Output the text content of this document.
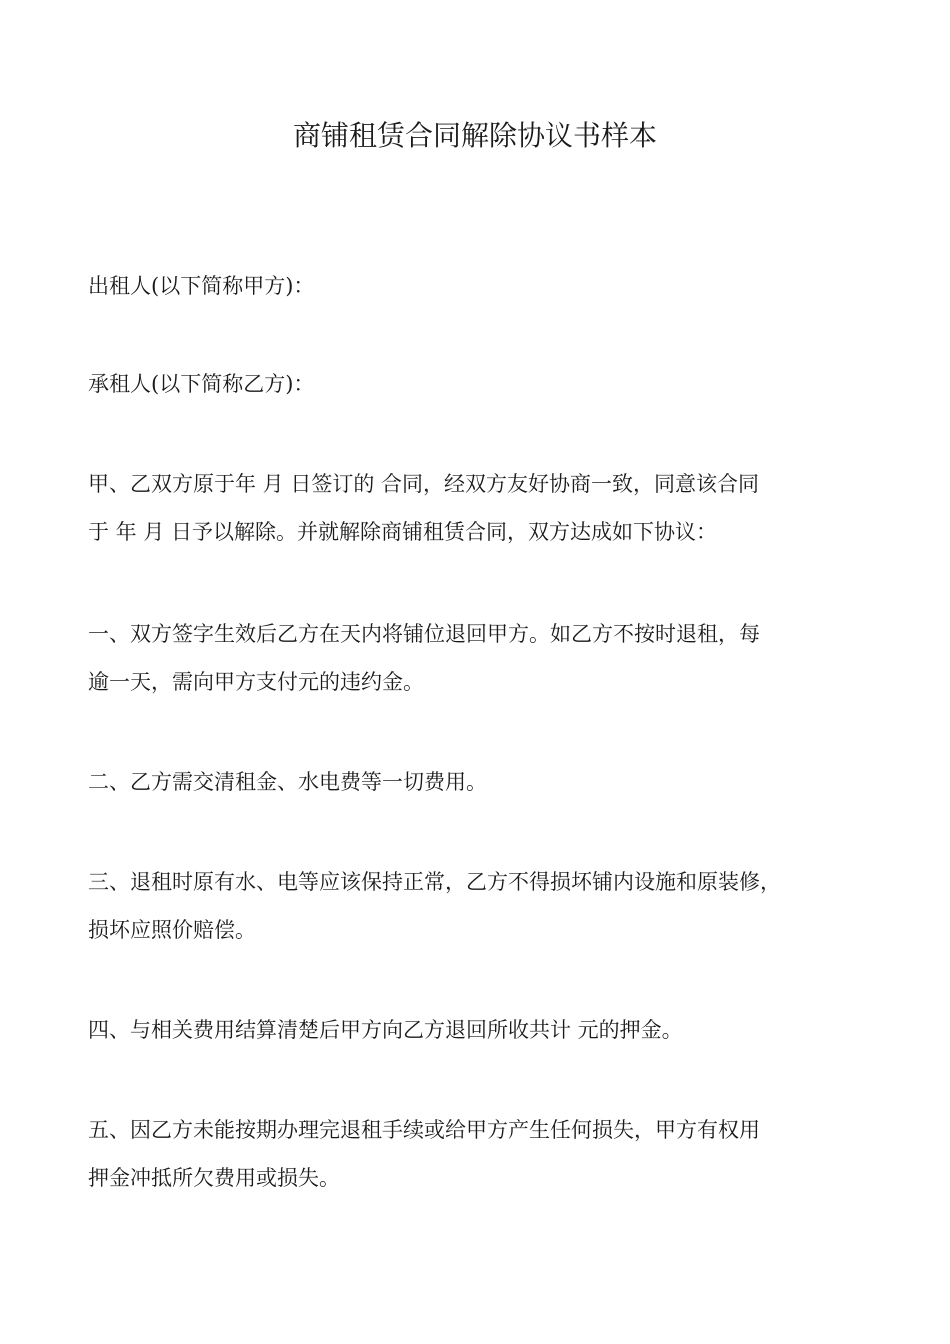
商铺租赁合同解除协议书样本

出租人(以下简称甲方)：

承租人(以下简称乙方)：

甲、乙双方原于年 月 日签订的 合同，经双方友好协商一致，同意该合同
于 年 月 日予以解除。并就解除商铺租赁合同，双方达成如下协议：

一、双方签字生效后乙方在天内将铺位退回甲方。如乙方不按时退租，每
逾一天，需向甲方支付元的违约金。

二、乙方需交清租金、水电费等一切费用。

三、退租时原有水、电等应该保持正常，乙方不得损坏铺内设施和原装修，
损坏应照价赔偿。

四、与相关费用结算清楚后甲方向乙方退回所收共计 元的押金。

五、因乙方未能按期办理完退租手续或给甲方产生任何损失，甲方有权用
押金冲抵所欠费用或损失。
